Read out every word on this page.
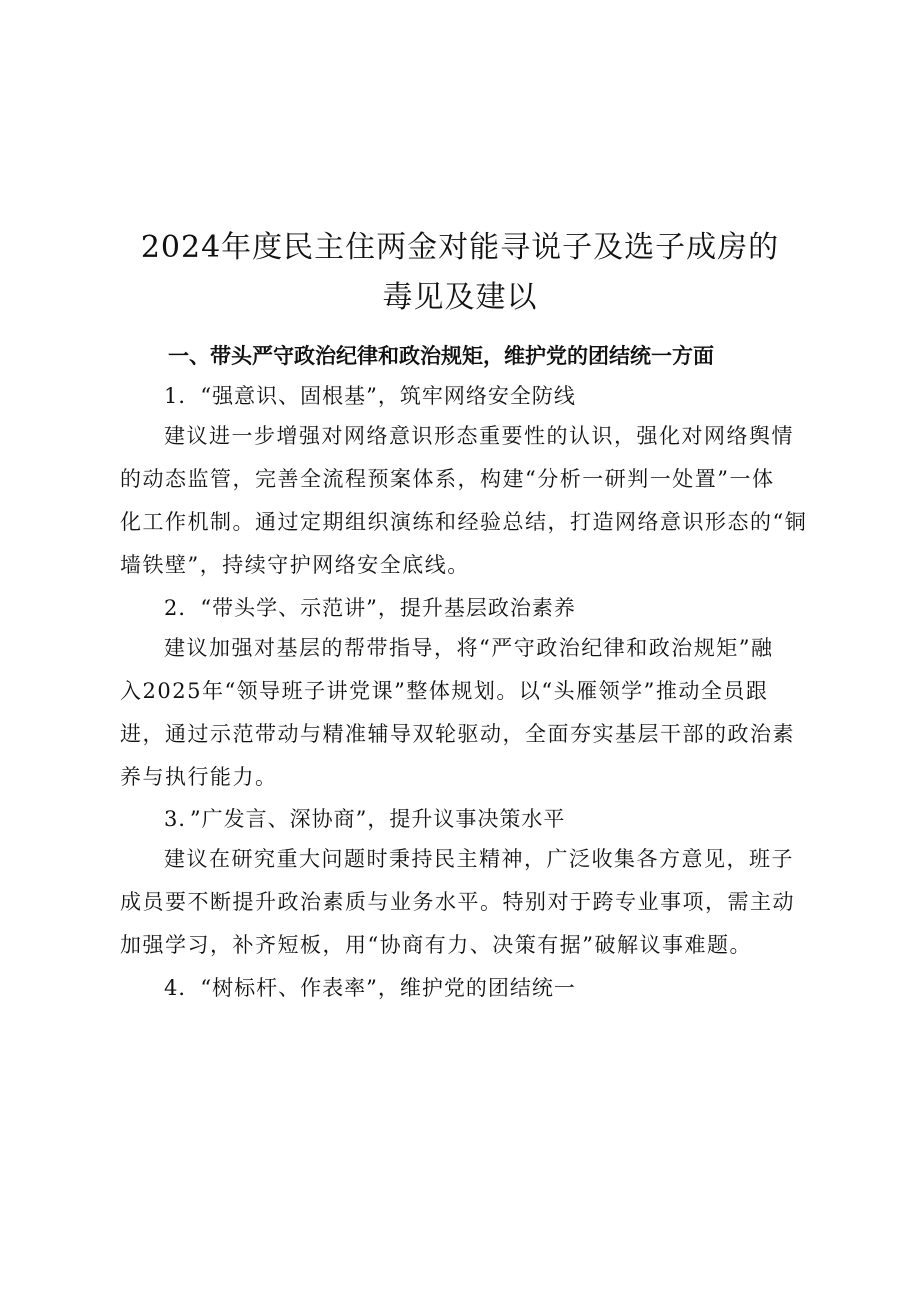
2024年度民主住两金对能寻说子及选子成房的
毒见及建以
一、带头严守政治纪律和政治规矩，维护党的团结统一方面

1．“强意识、固根基”，筑牢网络安全防线

建议进一步增强对网络意识形态重要性的认识，强化对网络舆情
的动态监管，完善全流程预案体系，构建“分析一研判一处置”一体
化工作机制。通过定期组织演练和经验总结，打造网络意识形态的“铜
墙铁壁”，持续守护网络安全底线。

2．“带头学、示范讲”，提升基层政治素养

建议加强对基层的帮带指导，将“严守政治纪律和政治规矩”融
入2025年“领导班子讲党课”整体规划。以“头雁领学”推动全员跟
进，通过示范带动与精准辅导双轮驱动，全面夯实基层干部的政治素
养与执行能力。

3．”广发言、深协商”，提升议事决策水平

建议在研究重大问题时秉持民主精神，广泛收集各方意见，班子
成员要不断提升政治素质与业务水平。特别对于跨专业事项，需主动
加强学习，补齐短板，用“协商有力、决策有据”破解议事难题。

4．“树标杆、作表率”，维护党的团结统一
